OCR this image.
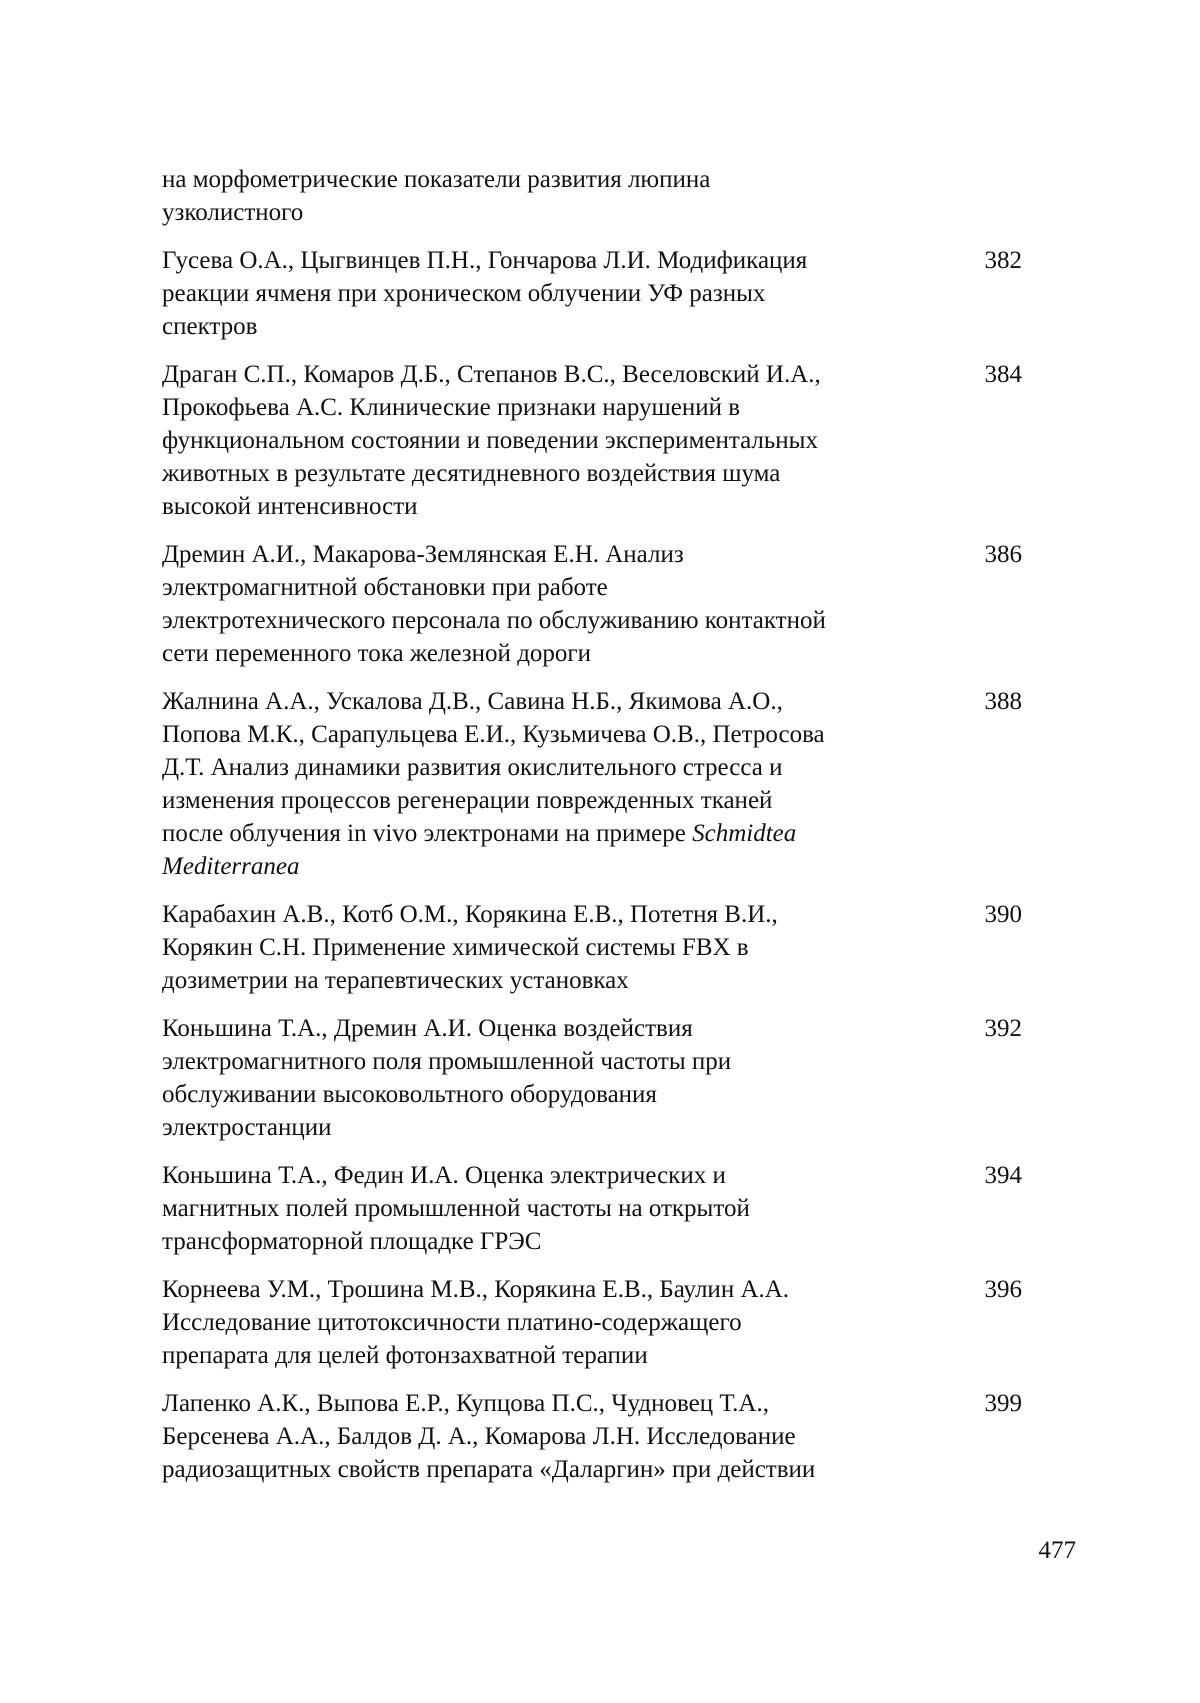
на морфометрические показатели развития люпина
узколистного
Гусева О.А., Цыгвинцев П.Н., Гончарова Л.И. Модификация
реакции ячменя при хроническом облучении УФ разных
спектров
382
Драган С.П., Комаров Д.Б., Степанов В.С., Веселовский И.А.,
Прокофьева А.С. Клинические признаки нарушений в
функциональном состоянии и поведении экспериментальных
животных в результате десятидневного воздействия шума
высокой интенсивности
384
Дремин А.И., Макарова-Землянская Е.Н. Анализ
электромагнитной обстановки при работе
электротехнического персонала по обслуживанию контактной
сети переменного тока железной дороги
386
Жалнина А.А., Ускалова Д.В., Савина Н.Б., Якимова А.О.,
Попова М.К., Сарапульцева Е.И., Кузьмичева О.В., Петросова
Д.Т. Анализ динамики развития окислительного стресса и
изменения процессов регенерации поврежденных тканей
после облучения in vivo электронами на примере Schmidtea
Mediterranea
388
Карабахин А.В., Котб О.М., Корякина Е.В., Потетня В.И.,
Корякин С.Н. Применение химической системы FBX в
дозиметрии на терапевтических установках
390
Коньшина Т.А., Дремин А.И. Оценка воздействия
электромагнитного поля промышленной частоты при
обслуживании высоковольтного оборудования
электростанции
392
Коньшина Т.А., Федин И.А. Оценка электрических и
магнитных полей промышленной частоты на открытой
трансформаторной площадке ГРЭС
394
Корнеева У.М., Трошина М.В., Корякина Е.В., Баулин А.А.
Исследование цитотоксичности платино-содержащего
препарата для целей фотонзахватной терапии
396
Лапенко А.К., Выпова Е.Р., Купцова П.С., Чудновец Т.А.,
Берсенева А.А., Балдов Д. А., Комарова Л.Н. Исследование
радиозащитных свойств препарата «Даларгин» при действии
399
477
